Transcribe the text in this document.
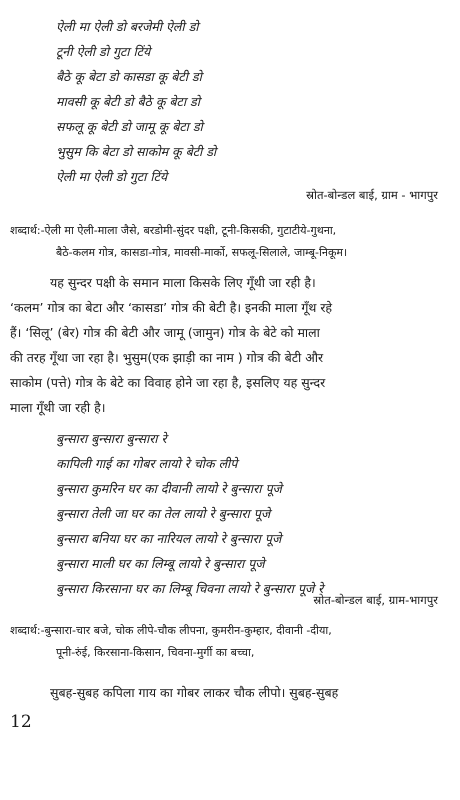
ऐली मा ऐली डो बरजेमी ऐली डो
टूनी ऐली डो गुटा टिंये
बैठे कू बेटा डो कासडा कू बेटी डो
मावसी कू बेटी डो बैठे कू बेटा डो
सफलू कू बेटी डो जामू कू बेटा डो
भुसुम कि बेटा डो साकोम कू बेटी डो
ऐली मा ऐली डो गुटा टिंये
स्रोत-बोन्डल बाई, ग्राम - भागपुर
शब्दार्थ:-ऐली मा ऐली-माला जैसे, बरडोमी-सुंदर पक्षी, टूनी-किसकी, गुटाटीये-गुथना,
बैठे-कलम गोत्र, कासडा-गोत्र, मावसी-मार्को, सफलू-सिलाले, जाम्बू-निकूम।
यह सुन्दर पक्षी के समान माला किसके लिए गूँथी जा रही है।
‘कलम’ गोत्र का बेटा और ‘कासडा’ गोत्र की बेटी है। इनकी माला गूँथ रहे
हैं। ‘सिलू’ (बेर) गोत्र की बेटी और जामू (जामुन) गोत्र के बेटे को माला
की तरह गूँथा जा रहा है। भुसुम(एक झाड़ी का नाम ) गोत्र की बेटी और
साकोम (पत्ते) गोत्र के बेटे का विवाह होने जा रहा है, इसलिए यह सुन्दर
माला गूँथी जा रही है।
बुन्सारा बुन्सारा बुन्सारा रे
कापिली गाई का गोबर लायो रे चोक लीपे
बुन्सारा कुमरिन घर का दीवानी लायो रे बुन्सारा पूजे
बुन्सारा तेली जा घर का तेल लायो रे बुन्सारा पूजे
बुन्सारा बनिया घर का नारियल लायो रे बुन्सारा पूजे
बुन्सारा माली घर का लिम्बू लायो रे बुन्सारा पूजे
बुन्सारा किरसाना घर का लिम्बू चिवना लायो रे बुन्सारा पूजे रे
स्रोत-बोन्डल बाई, ग्राम-भागपुर
शब्दार्थ:-बुन्सारा-चार बजे, चोक लीपे-चौक लीपना, कुमरीन-कुम्हार, दीवानी -दीया,
पूनी-रुंई, किरसाना-किसान, चिवना-मुर्गी का बच्चा,
सुबह-सुबह कपिला गाय का गोबर लाकर चौक लीपो। सुबह-सुबह
12
